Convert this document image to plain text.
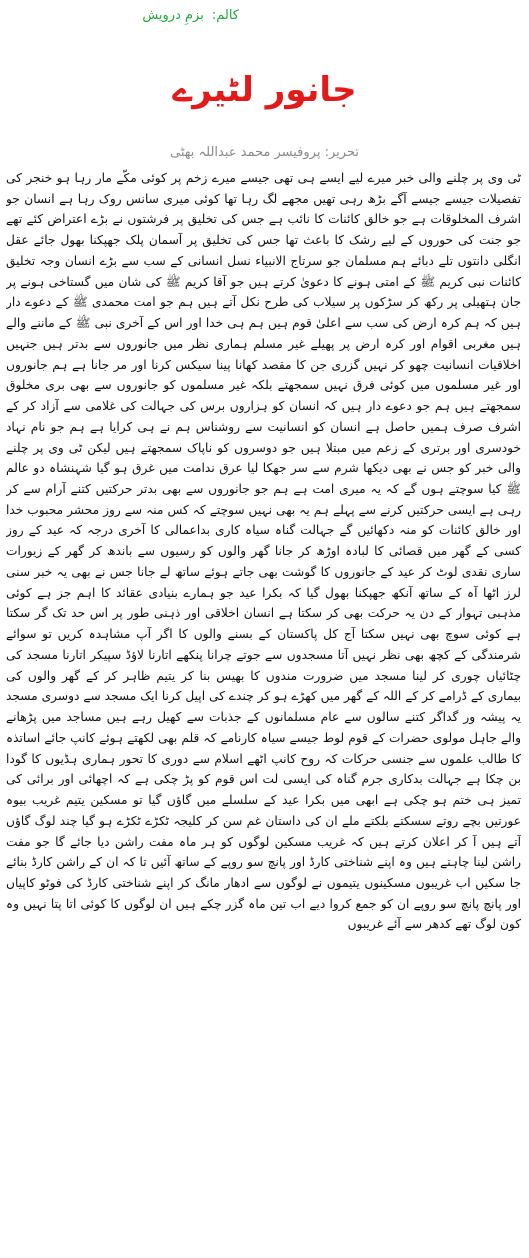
کالم:بزمِ درویش
جانور لٹیرے
تحریر: پروفیسر محمد عبداللہ بھٹی

ٹی وی پر چلنے والی خبر میرے لیے ایسے ہی تھی جیسے میرے زخم پر کوئی مکّے مار رہا ہو خنجر کی تفصیلات جیسے جیسے آگے بڑھ رہی تھیں مجھے لگ رہا تھا کوئی میری سانس روک رہا ہے انسان جو اشرف المخلوقات ہے جو خالق کائنات کا نائب ہے جس کی تخلیق پر فرشتوں نے بڑے اعتراض کئے تھے جو جنت کی حوروں کے لیے رشک کا باعث تھا جس کی تخلیق پر آسمان پلک جھپکنا بھول جائے عقل انگلی دانتوں تلے دبائے ہم مسلمان جو سرتاج الانبیاء نسل انسانی کے سب سے بڑے انسان وجہ تخلیق کائنات نبی کریم ﷺ کے امتی ہونے کا دعویٰ کرتے ہیں جو آقا کریم ﷺ کی شان میں گستاخی ہونے پر جان ہتھیلی پر رکھ کر سڑکوں پر سیلاب کی طرح نکل آتے ہیں ہم جو امت محمدی ﷺ کے دعوے دار ہیں کہ ہم کرہ ارض کی سب سے اعلیٰ قوم ہیں ہم ہی خدا اور اس کے آخری نبی ﷺ کے ماننے والے ہیں مغربی اقوام اور کرہ ارض پر پھیلے غیر مسلم ہماری نظر میں جانوروں سے بدتر ہیں جنہیں اخلاقیات انسانیت چھو کر نہیں گزری جن کا مقصد کھانا پینا سیکس کرنا اور مر جانا ہے ہم جانوروں اور غیر مسلموں میں کوئی فرق نہیں سمجھتے بلکہ غیر مسلموں کو جانوروں سے بھی بری مخلوق سمجھتے ہیں ہم جو دعوے دار ہیں کہ انسان کو ہزاروں برس کی جہالت کی غلامی سے آزاد کر کے اشرف صرف ہمیں حاصل ہے انسان کو انسانیت سے روشناس ہم نے ہی کرایا ہے ہم جو نام نہاد خودسری اور برتری کے زعم میں مبتلا ہیں جو دوسروں کو ناپاک سمجھتے ہیں لیکن ٹی وی پر چلنے والی خبر کو جس نے بھی دیکھا شرم سے سر جھکا لیا عرق ندامت میں غرق ہو گیا شہنشاہ دو عالم ﷺ کیا سوچتے ہوں گے کہ یہ میری امت ہے ہم جو جانوروں سے بھی بدتر حرکتیں کتنے آرام سے کر رہی ہے ایسی حرکتیں کرنے سے پہلے ہم یہ بھی نہیں سوچتے کہ کس منہ سے روز محشر محبوب خدا اور خالق کائنات کو منہ دکھائیں گے جہالت گناہ سیاہ کاری بداعمالی کا آخری درجہ کہ عید کے روز کسی کے گھر میں قصائی کا لبادہ اوڑھ کر جانا گھر والوں کو رسیوں سے باندھ کر گھر کے زیورات ساری نقدی لوٹ کر عید کے جانوروں کا گوشت بھی جاتے ہوئے ساتھ لے جانا جس نے بھی یہ خبر سنی لرز اٹھا آہ کے ساتھ آنکھ جھپکنا بھول گیا کہ بکرا عید جو ہمارے بنیادی عقائد کا اہم جز ہے کوئی مذہبی تہوار کے دن یہ حرکت بھی کر سکتا ہے انسان اخلاقی اور ذہنی طور پر اس حد تک گر سکتا ہے کوئی سوچ بھی نہیں سکتا آج کل پاکستان کے بسنے والوں کا اگر آپ مشاہدہ کریں تو سوائے شرمندگی کے کچھ بھی نظر نہیں آتا مسجدوں سے جوتے چرانا پنکھے اتارنا لاؤڈ سپیکر اتارنا مسجد کی چٹائیاں چوری کر لینا مسجد میں ضرورت مندوں کا بھیس بنا کر یتیم ظاہر کر کے گھر والوں کی بیماری کے ڈرامے کر کے اللہ کے گھر میں کھڑے ہو کر چندے کی اپیل کرنا ایک مسجد سے دوسری مسجد یہ پیشہ ور گداگر کتنے سالوں سے عام مسلمانوں کے جذبات سے کھیل رہے ہیں مساجد میں پڑھانے والے جاہل مولوی حضرات کے قوم لوط جیسے سیاہ کارنامے کہ قلم بھی لکھتے ہوئے کانپ جائے اساتذہ کا طالب علموں سے جنسی حرکات کہ روح کانپ اٹھے اسلام سے دوری کا تحور ہماری ہڈیوں کا گودا بن چکا ہے جہالت بدکاری جرم گناہ کی ایسی لت اس قوم کو پڑ چکی ہے کہ اچھائی اور برائی کی تمیز ہی ختم ہو چکی ہے ابھی میں بکرا عید کے سلسلے میں گاؤں گیا تو مسکین یتیم غریب بیوہ عورتیں بچے روتے سسکتے بلکتے ملے ان کی داستان غم سن کر کلیجہ ٹکڑے ٹکڑے ہو گیا چند لوگ گاؤں آتے ہیں آ کر اعلان کرتے ہیں کہ غریب مسکین لوگوں کو ہر ماہ مفت راشن دیا جائے گا جو مفت راشن لینا چاہتے ہیں وہ اپنے شناختی کارڈ اور پانچ سو روپے کے ساتھ آئیں تا کہ ان کے راشن کارڈ بنائے جا سکیں اب غریبوں مسکینوں یتیموں نے لوگوں سے ادھار مانگ کر اپنے شناختی کارڈ کی فوٹو کاپیاں اور پانچ پانچ سو روپے ان کو جمع کروا دیے اب تین ماہ گزر چکے ہیں ان لوگوں کا کوئی اتا پتا نہیں وہ کون لوگ تھے کدھر سے آئے غریبوں
